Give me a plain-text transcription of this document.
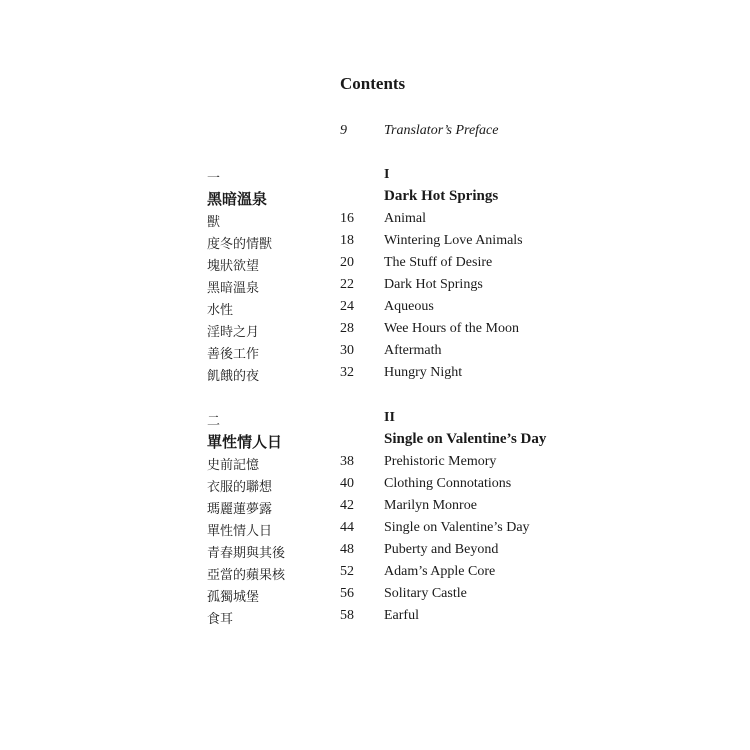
Contents
9	Translator’s Preface
一	I
黑暗溫泉	Dark Hot Springs
獸	16 Animal
度冬的情獸	18 Wintering Love Animals
塊狀欲望	20 The Stuff of Desire
黑暗溫泉	22 Dark Hot Springs
水性	24 Aqueous
淫時之月	28 Wee Hours of the Moon
善後工作	30 Aftermath
飢餓的夜	32 Hungry Night
二	II
單性情人日	Single on Valentine’s Day
史前記憶	38 Prehistoric Memory
衣服的聯想	40 Clothing Connotations
瑪麗蓮夢露	42 Marilyn Monroe
單性情人日	44 Single on Valentine’s Day
青春期與其後	48 Puberty and Beyond
亞當的蘋果核	52 Adam’s Apple Core
孤獨城堡	56 Solitary Castle
食耳	58 Earful
